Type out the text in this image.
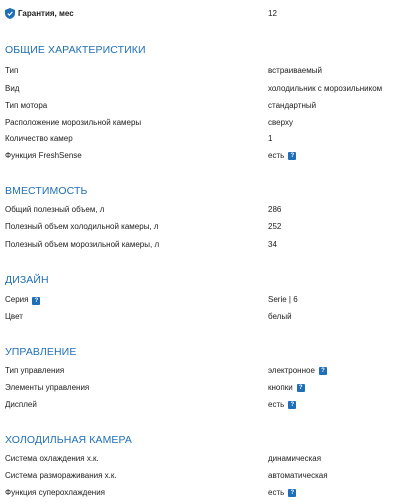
Гарантия, мес	12
ОБЩИЕ ХАРАКТЕРИСТИКИ
Тип	встраиваемый
Вид	холодильник с морозильником
Тип мотора	стандартный
Расположение морозильной камеры	сверху
Количество камер	1
Функция FreshSense	есть	?
ВМЕСТИМОСТЬ
Общий полезный объем, л	286
Полезный объем холодильной камеры, л	252
Полезный объем морозильной камеры, л	34
ДИЗАЙН
Серия ?	Serie | 6
Цвет	белый
УПРАВЛЕНИЕ
Тип управления	электронное	?
Элементы управления	кнопки	?
Дисплей	есть	?
ХОЛОДИЛЬНАЯ КАМЕРА
Система охлаждения х.к.	динамическая
Система размораживания х.к.	автоматическая
Функция суперохлаждения	есть	?
